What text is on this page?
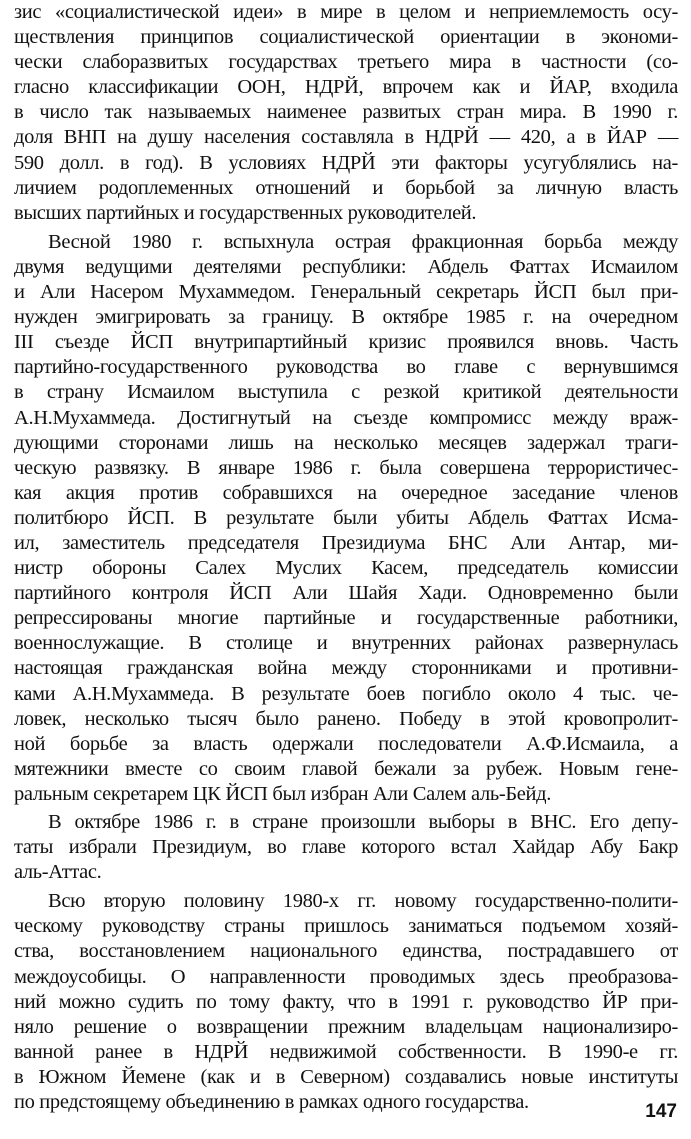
зис «социалистической идеи» в мире в целом и неприемлемость осу-
ществления принципов социалистической ориентации в экономи-
чески слаборазвитых государствах третьего мира в частности (со-
гласно классификации ООН, НДРЙ, впрочем как и ЙАР, входила
в число так называемых наименее развитых стран мира. В 1990 г.
доля ВНП на душу населения составляла в НДРЙ — 420, а в ЙАР —
590 долл. в год). В условиях НДРЙ эти факторы усугублялись на-
личием родоплеменных отношений и борьбой за личную власть
высших партийных и государственных руководителей.
Весной 1980 г. вспыхнула острая фракционная борьба между
двумя ведущими деятелями республики: Абдель Фаттах Исмаилом
и Али Насером Мухаммедом. Генеральный секретарь ЙСП был при-
нужден эмигрировать за границу. В октябре 1985 г. на очередном
III съезде ЙСП внутрипартийный кризис проявился вновь. Часть
партийно-государственного руководства во главе с вернувшимся
в страну Исмаилом выступила с резкой критикой деятельности
А.Н.Мухаммеда. Достигнутый на съезде компромисс между враж-
дующими сторонами лишь на несколько месяцев задержал траги-
ческую развязку. В январе 1986 г. была совершена террористичес-
кая акция против собравшихся на очередное заседание членов
политбюро ЙСП. В результате были убиты Абдель Фаттах Исма-
ил, заместитель председателя Президиума БНС Али Антар, ми-
нистр обороны Салех Муслих Касем, председатель комиссии
партийного контроля ЙСП Али Шайя Хади. Одновременно были
репрессированы многие партийные и государственные работники,
военнослужащие. В столице и внутренних районах развернулась
настоящая гражданская война между сторонниками и противни-
ками А.Н.Мухаммеда. В результате боев погибло около 4 тыс. че-
ловек, несколько тысяч было ранено. Победу в этой кровопролит-
ной борьбе за власть одержали последователи А.Ф.Исмаила, а
мятежники вместе со своим главой бежали за рубеж. Новым гене-
ральным секретарем ЦК ЙСП был избран Али Салем аль-Бейд.
В октябре 1986 г. в стране произошли выборы в ВНС. Его депу-
таты избрали Президиум, во главе которого встал Хайдар Абу Бакр
аль-Аттас.
Всю вторую половину 1980-х гг. новому государственно-полити-
ческому руководству страны пришлось заниматься подъемом хозяй-
ства, восстановлением национального единства, пострадавшего от
междоусобицы. О направленности проводимых здесь преобразова-
ний можно судить по тому факту, что в 1991 г. руководство ЙР при-
няло решение о возвращении прежним владельцам национализиро-
ванной ранее в НДРЙ недвижимой собственности. В 1990-е гг.
в Южном Йемене (как и в Северном) создавались новые институты
по предстоящему объединению в рамках одного государства.	147
